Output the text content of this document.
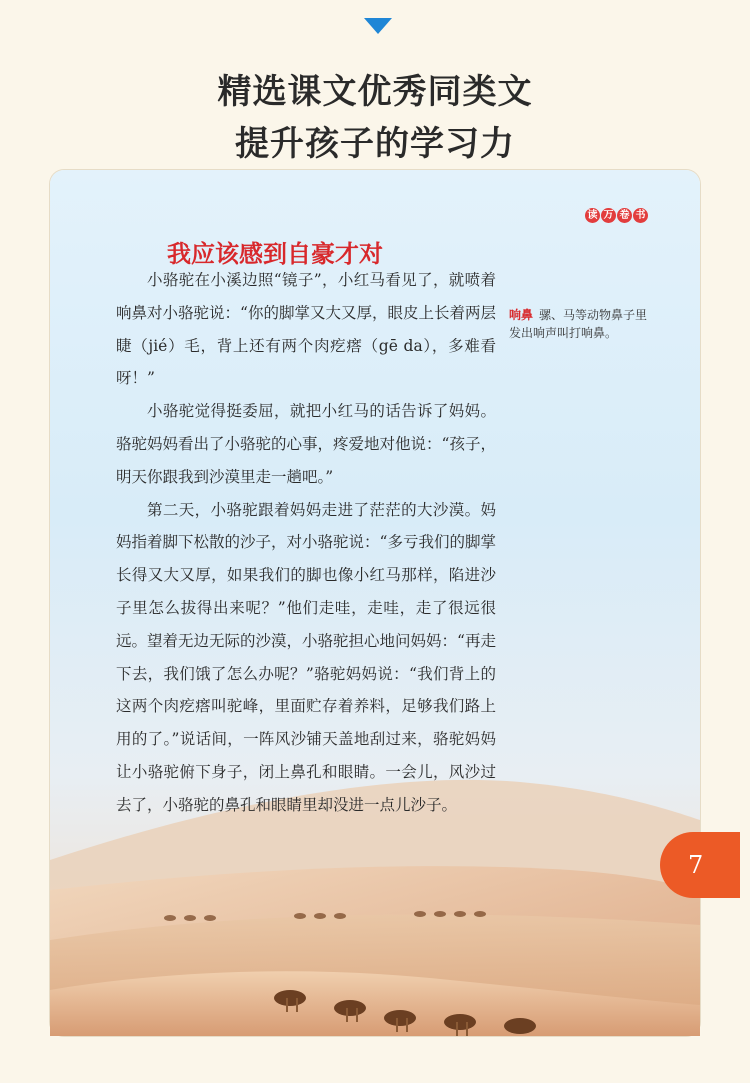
精选课文优秀同类文
提升孩子的学习力
读 万 卷 书
我应该感到自豪才对

小骆驼在小溪边照“镜子”，小红马看见了，就喷着响鼻对小骆驼说：“你的脚掌又大又厚，眼皮上长着两层睫（jié）毛，背上还有两个肉疙瘩（gē da），多难看呀！”

小骆驼觉得挺委屈，就把小红马的话告诉了妈妈。骆驼妈妈看出了小骆驼的心事，疼爱地对他说：“孩子，明天你跟我到沙漠里走一趟吧。”

第二天，小骆驼跟着妈妈走进了茫茫的大沙漠。妈妈指着脚下松散的沙子，对小骆驼说：“多亏我们的脚掌长得又大又厚，如果我们的脚也像小红马那样，陷进沙子里怎么拔得出来呢？”他们走哇，走哇，走了很远很远。望着无边无际的沙漠，小骆驼担心地问妈妈：“再走下去，我们饿了怎么办呢？”骆驼妈妈说：“我们背上的这两个肉疙瘩叫驼峰，里面贮存着养料，足够我们路上用的了。”说话间，一阵风沙铺天盖地刮过来，骆驼妈妈让小骆驼俯下身子，闭上鼻孔和眼睛。一会儿，风沙过去了，小骆驼的鼻孔和眼睛里却没进一点儿沙子。

响鼻 骡、马等动物鼻子里发出响声叫打响鼻。
7
